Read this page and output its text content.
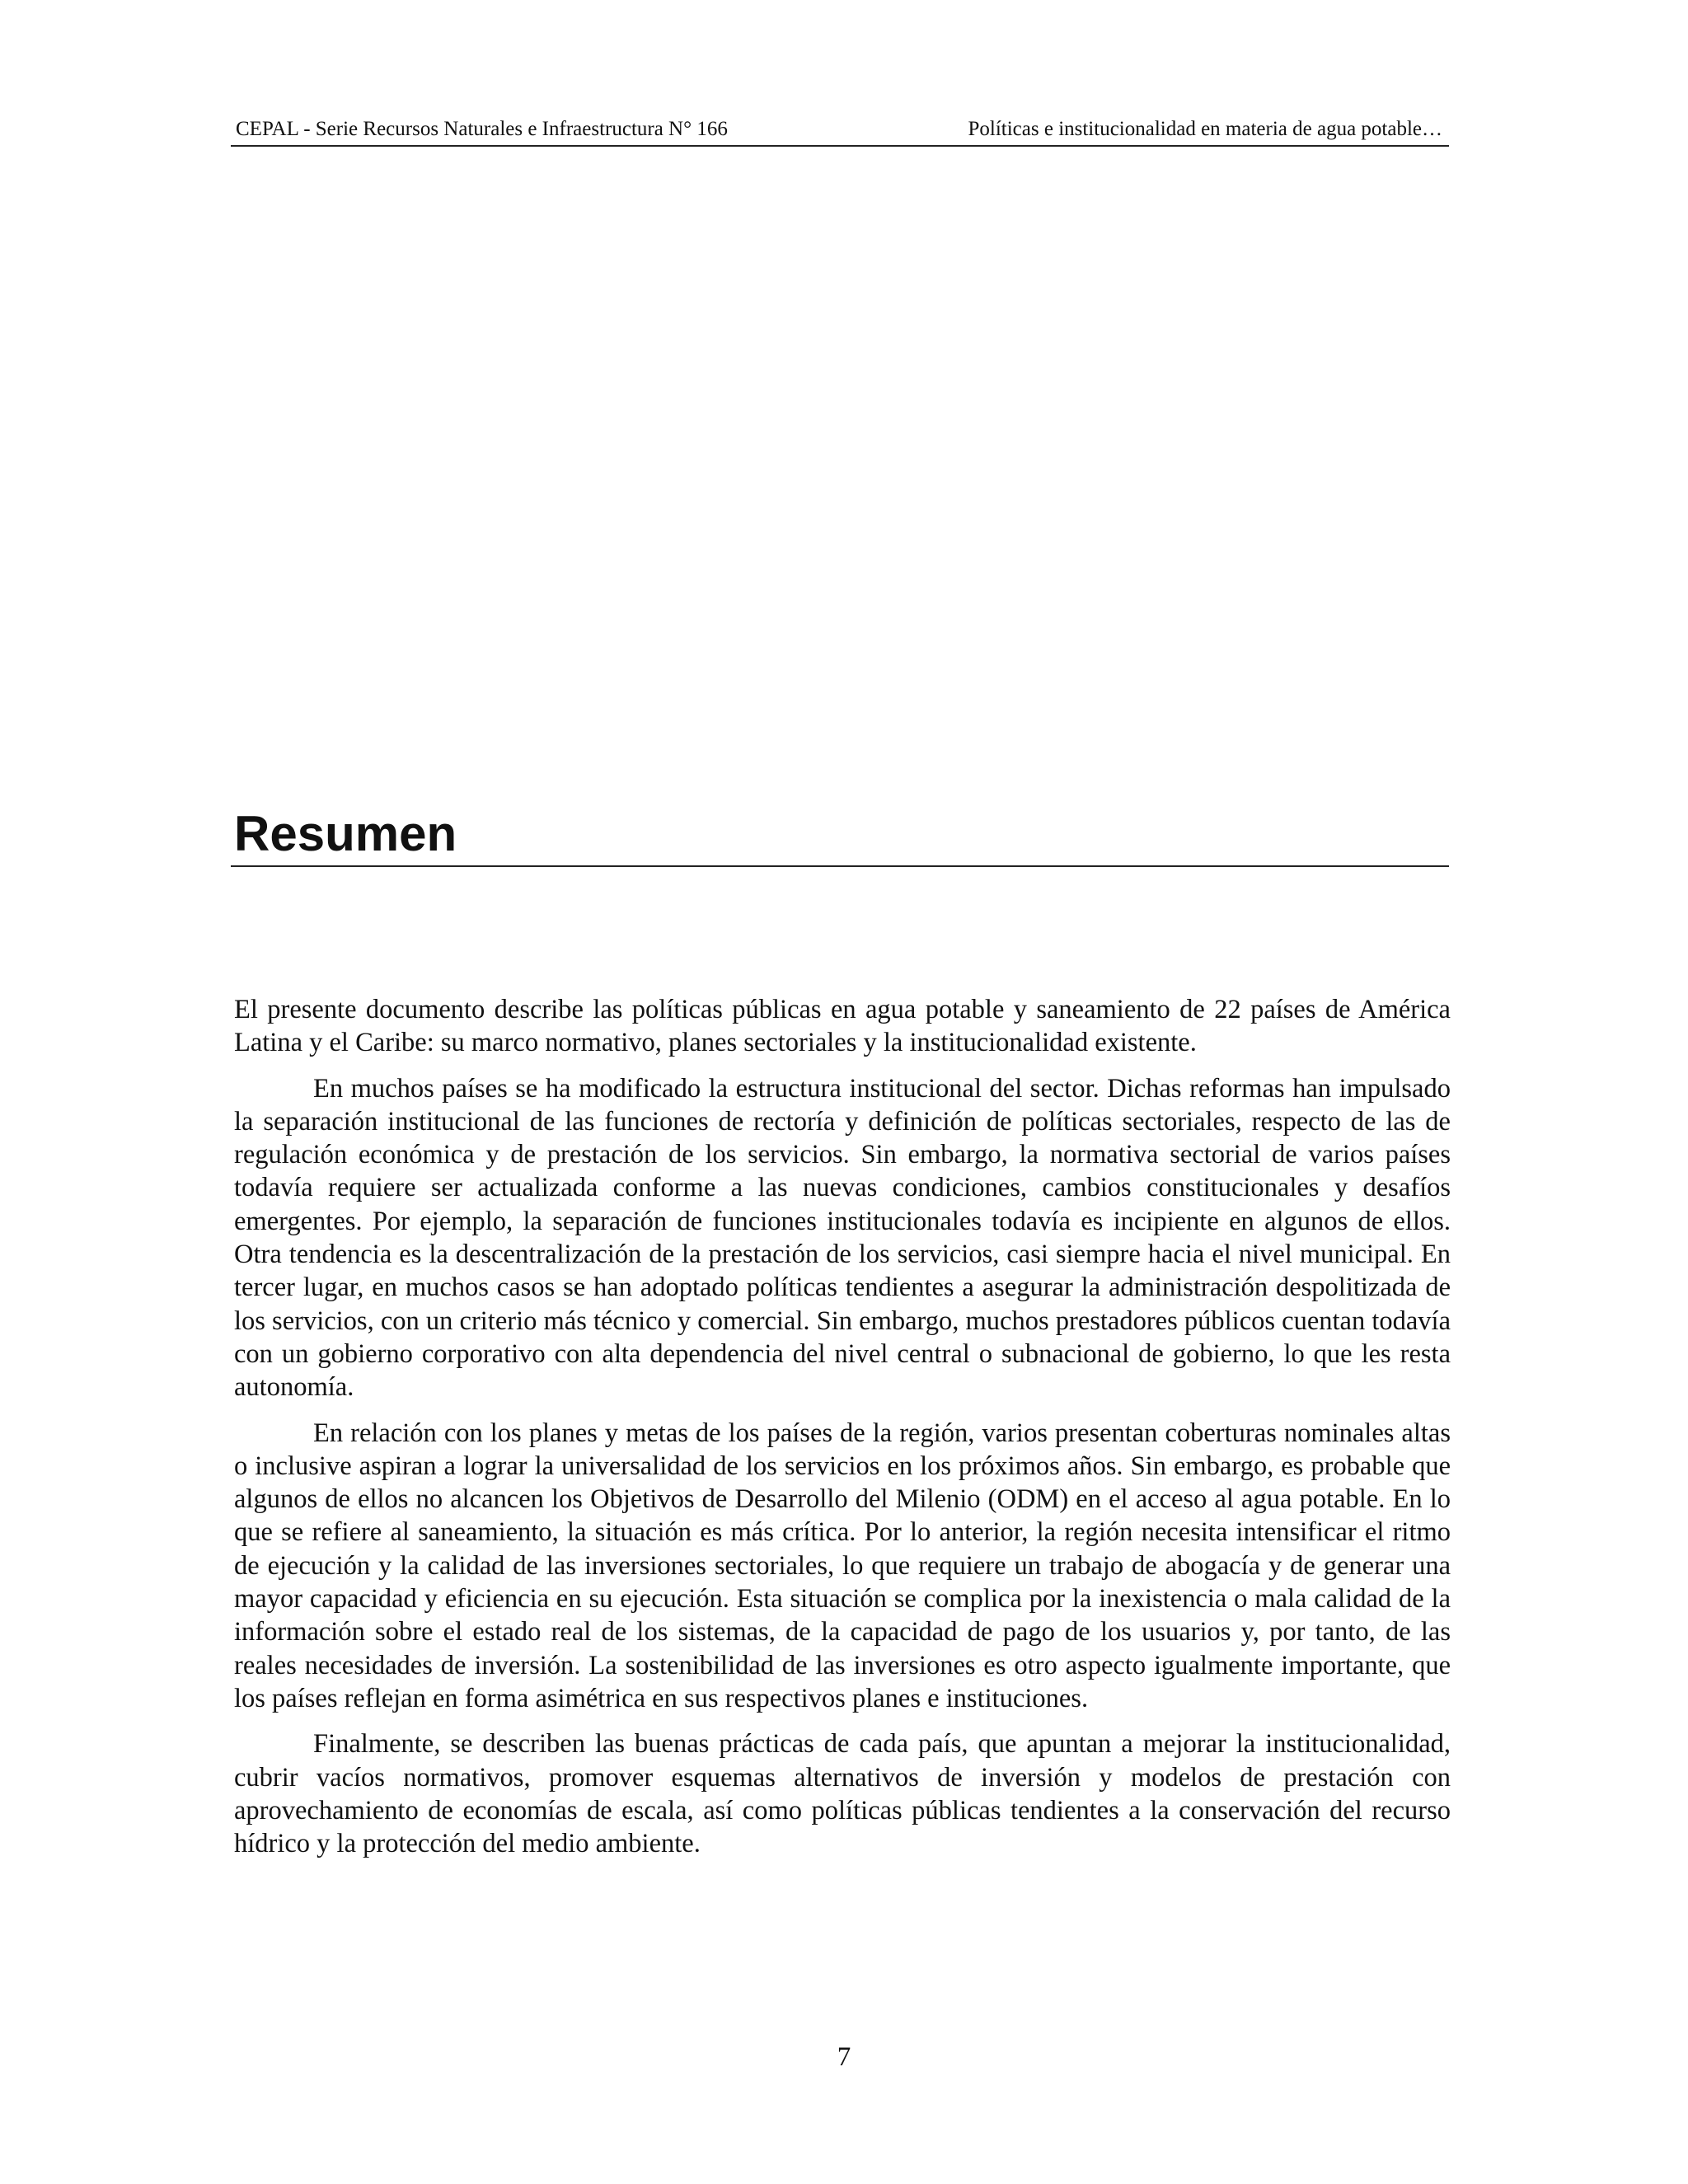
CEPAL - Serie Recursos Naturales e Infraestructura N° 166	Políticas e institucionalidad en materia de agua potable…
Resumen

El presente documento describe las políticas públicas en agua potable y saneamiento de 22 países de América Latina y el Caribe: su marco normativo, planes sectoriales y la institucionalidad existente.

En muchos países se ha modificado la estructura institucional del sector. Dichas reformas han impulsado la separación institucional de las funciones de rectoría y definición de políticas sectoriales, respecto de las de regulación económica y de prestación de los servicios. Sin embargo, la normativa sectorial de varios países todavía requiere ser actualizada conforme a las nuevas condiciones, cambios constitucionales y desafíos emergentes. Por ejemplo, la separación de funciones institucionales todavía es incipiente en algunos de ellos. Otra tendencia es la descentralización de la prestación de los servicios, casi siempre hacia el nivel municipal. En tercer lugar, en muchos casos se han adoptado políticas tendientes a asegurar la administración despolitizada de los servicios, con un criterio más técnico y comercial. Sin embargo, muchos prestadores públicos cuentan todavía con un gobierno corporativo con alta dependencia del nivel central o subnacional de gobierno, lo que les resta autonomía.

En relación con los planes y metas de los países de la región, varios presentan coberturas nominales altas o inclusive aspiran a lograr la universalidad de los servicios en los próximos años. Sin embargo, es probable que algunos de ellos no alcancen los Objetivos de Desarrollo del Milenio (ODM) en el acceso al agua potable. En lo que se refiere al saneamiento, la situación es más crítica. Por lo anterior, la región necesita intensificar el ritmo de ejecución y la calidad de las inversiones sectoriales, lo que requiere un trabajo de abogacía y de generar una mayor capacidad y eficiencia en su ejecución. Esta situación se complica por la inexistencia o mala calidad de la información sobre el estado real de los sistemas, de la capacidad de pago de los usuarios y, por tanto, de las reales necesidades de inversión. La sostenibilidad de las inversiones es otro aspecto igualmente importante, que los países reflejan en forma asimétrica en sus respectivos planes e instituciones.

Finalmente, se describen las buenas prácticas de cada país, que apuntan a mejorar la institucionalidad, cubrir vacíos normativos, promover esquemas alternativos de inversión y modelos de prestación con aprovechamiento de economías de escala, así como políticas públicas tendientes a la conservación del recurso hídrico y la protección del medio ambiente.

7
